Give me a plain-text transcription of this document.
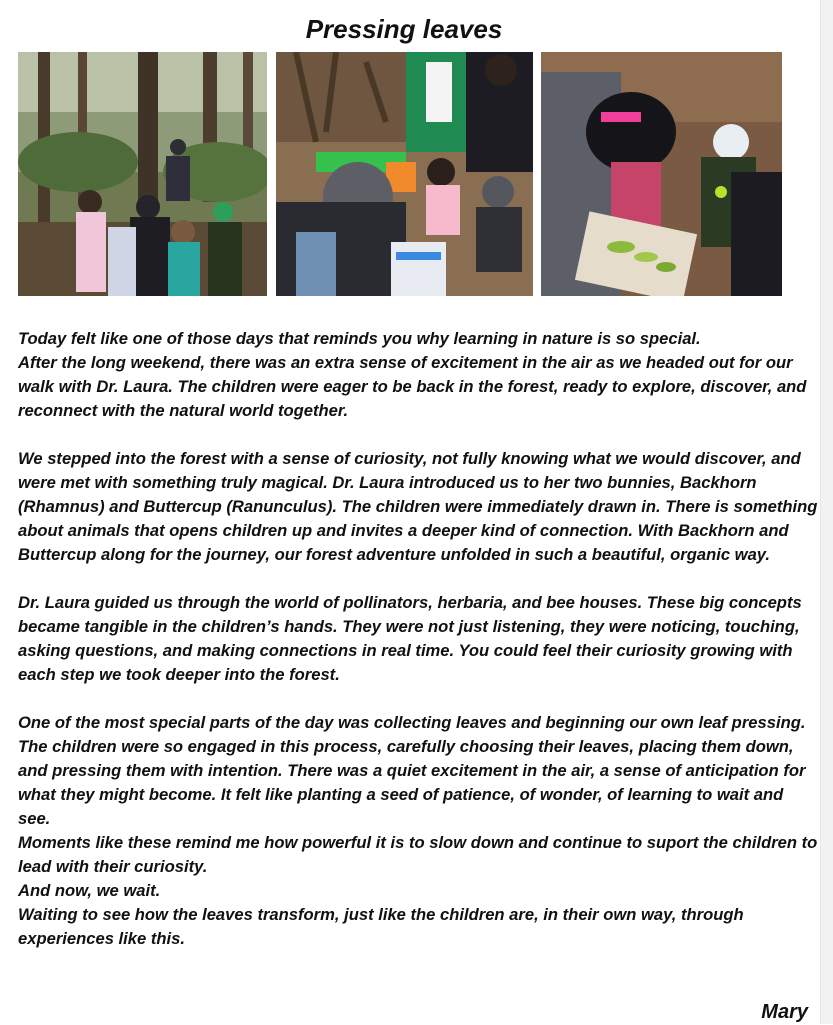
Pressing leaves

Today felt like one of those days that reminds you why learning in nature is so special.
After the long weekend, there was an extra sense of excitement in the air as we headed out for our walk with Dr. Laura. The children were eager to be back in the forest, ready to explore, discover, and reconnect with the natural world together.

We stepped into the forest with a sense of curiosity, not fully knowing what we would discover, and were met with something truly magical. Dr. Laura introduced us to her two bunnies, Backhorn (Rhamnus) and Buttercup (Ranunculus). The children were immediately drawn in. There is something about animals that opens children up and invites a deeper kind of connection. With Backhorn and Buttercup along for the journey, our forest adventure unfolded in such a beautiful, organic way.

Dr. Laura guided us through the world of pollinators, herbaria, and bee houses. These big concepts became tangible in the children’s hands. They were not just listening, they were noticing, touching, asking questions, and making connections in real time. You could feel their curiosity growing with each step we took deeper into the forest.

One of the most special parts of the day was collecting leaves and beginning our own leaf pressing. The children were so engaged in this process, carefully choosing their leaves, placing them down, and pressing them with intention. There was a quiet excitement in the air, a sense of anticipation for what they might become. It felt like planting a seed of patience, of wonder, of learning to wait and see.
Moments like these remind me how powerful it is to slow down and continue to suport the children to lead with their curiosity.
And now, we wait.
Waiting to see how the leaves transform, just like the children are, in their own way, through experiences like this.

Mary
